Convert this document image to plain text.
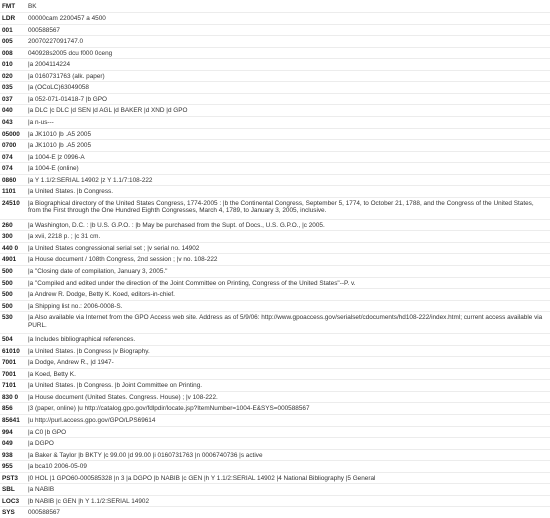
FMT	BK
LDR	00000cam 2200457 a 4500
001	000588567
005	20070227091747.0
008	040928s2005 dcu f000 0ceng
010	|a 2004114224
020	|a 0160731763 (alk. paper)
035	|a (OCoLC)63049058
037	|a 052-071-01418-7 |b GPO
040	|a DLC |c DLC |d SEN |d AGL |d BAKER |d XND |d GPO
043	|a n-us---
05000	|a JK1010 |b .A5 2005
0700	|a JK1010 |b .A5 2005
074	|a 1004-E |z 0996-A
074	|a 1004-E (online)
0860	|a Y 1.1/2:SERIAL 14902 |z Y 1.1/7:108-222
1101	|a United States. |b Congress.
24510	|a Biographical directory of the United States Congress, 1774-2005 : |b the Continental Congress, September 5, 1774, to October 21, 1788, and the Congress of the United States, from the First through the One Hundred Eighth Congresses, March 4, 1789, to January 3, 2005, inclusive.
260	|a Washington, D.C. : |b U.S. G.P.O. : |b May be purchased from the Supt. of Docs., U.S. G.P.O., |c 2005.
300	|a xvii, 2218 p. ; |c 31 cm.
440 0	|a United States congressional serial set ; |v serial no. 14902
4901	|a House document / 108th Congress, 2nd session ; |v no. 108-222
500	|a "Closing date of compilation, January 3, 2005."
500	|a "Compiled and edited under the direction of the Joint Committee on Printing, Congress of the United States"--P. v.
500	|a Andrew R. Dodge, Betty K. Koed, editors-in-chief.
500	|a Shipping list no.: 2006-0008-S.
530	|a Also available via Internet from the GPO Access web site. Address as of 5/9/06: http://www.gpoaccess.gov/serialset/cdocuments/hd108-222/index.html; current access available via PURL.
504	|a Includes bibliographical references.
61010	|a United States. |b Congress |v Biography.
7001	|a Dodge, Andrew R., |d 1947-
7001	|a Koed, Betty K.
7101	|a United States. |b Congress. |b Joint Committee on Printing.
830 0	|a House document (United States. Congress. House) ; |v 108-222.
856	|3 (paper, online) |u http://catalog.gpo.gov/fdlpdir/locate.jsp?ItemNumber=1004-E&SYS=000588567
85641	|u http://purl.access.gpo.gov/GPO/LPS69614
994	|a C0 |b GPO
049	|a DGPO
938	|a Baker & Taylor |b BKTY |c 99.00 |d 99.00 |i 0160731763 |n 0006740736 |s active
955	|a bca10 2006-05-09
PST3	|0 HOL |1 GPO60-000585328 |n 3 |a DGPO |b NABIB |c GEN |h Y 1.1/2:SERIAL 14902 |4 National Bibliography |5 General
SBL	|a NABIB
LOC3	|b NABIB |c GEN |h Y 1.1/2:SERIAL 14902
SYS	000588567
